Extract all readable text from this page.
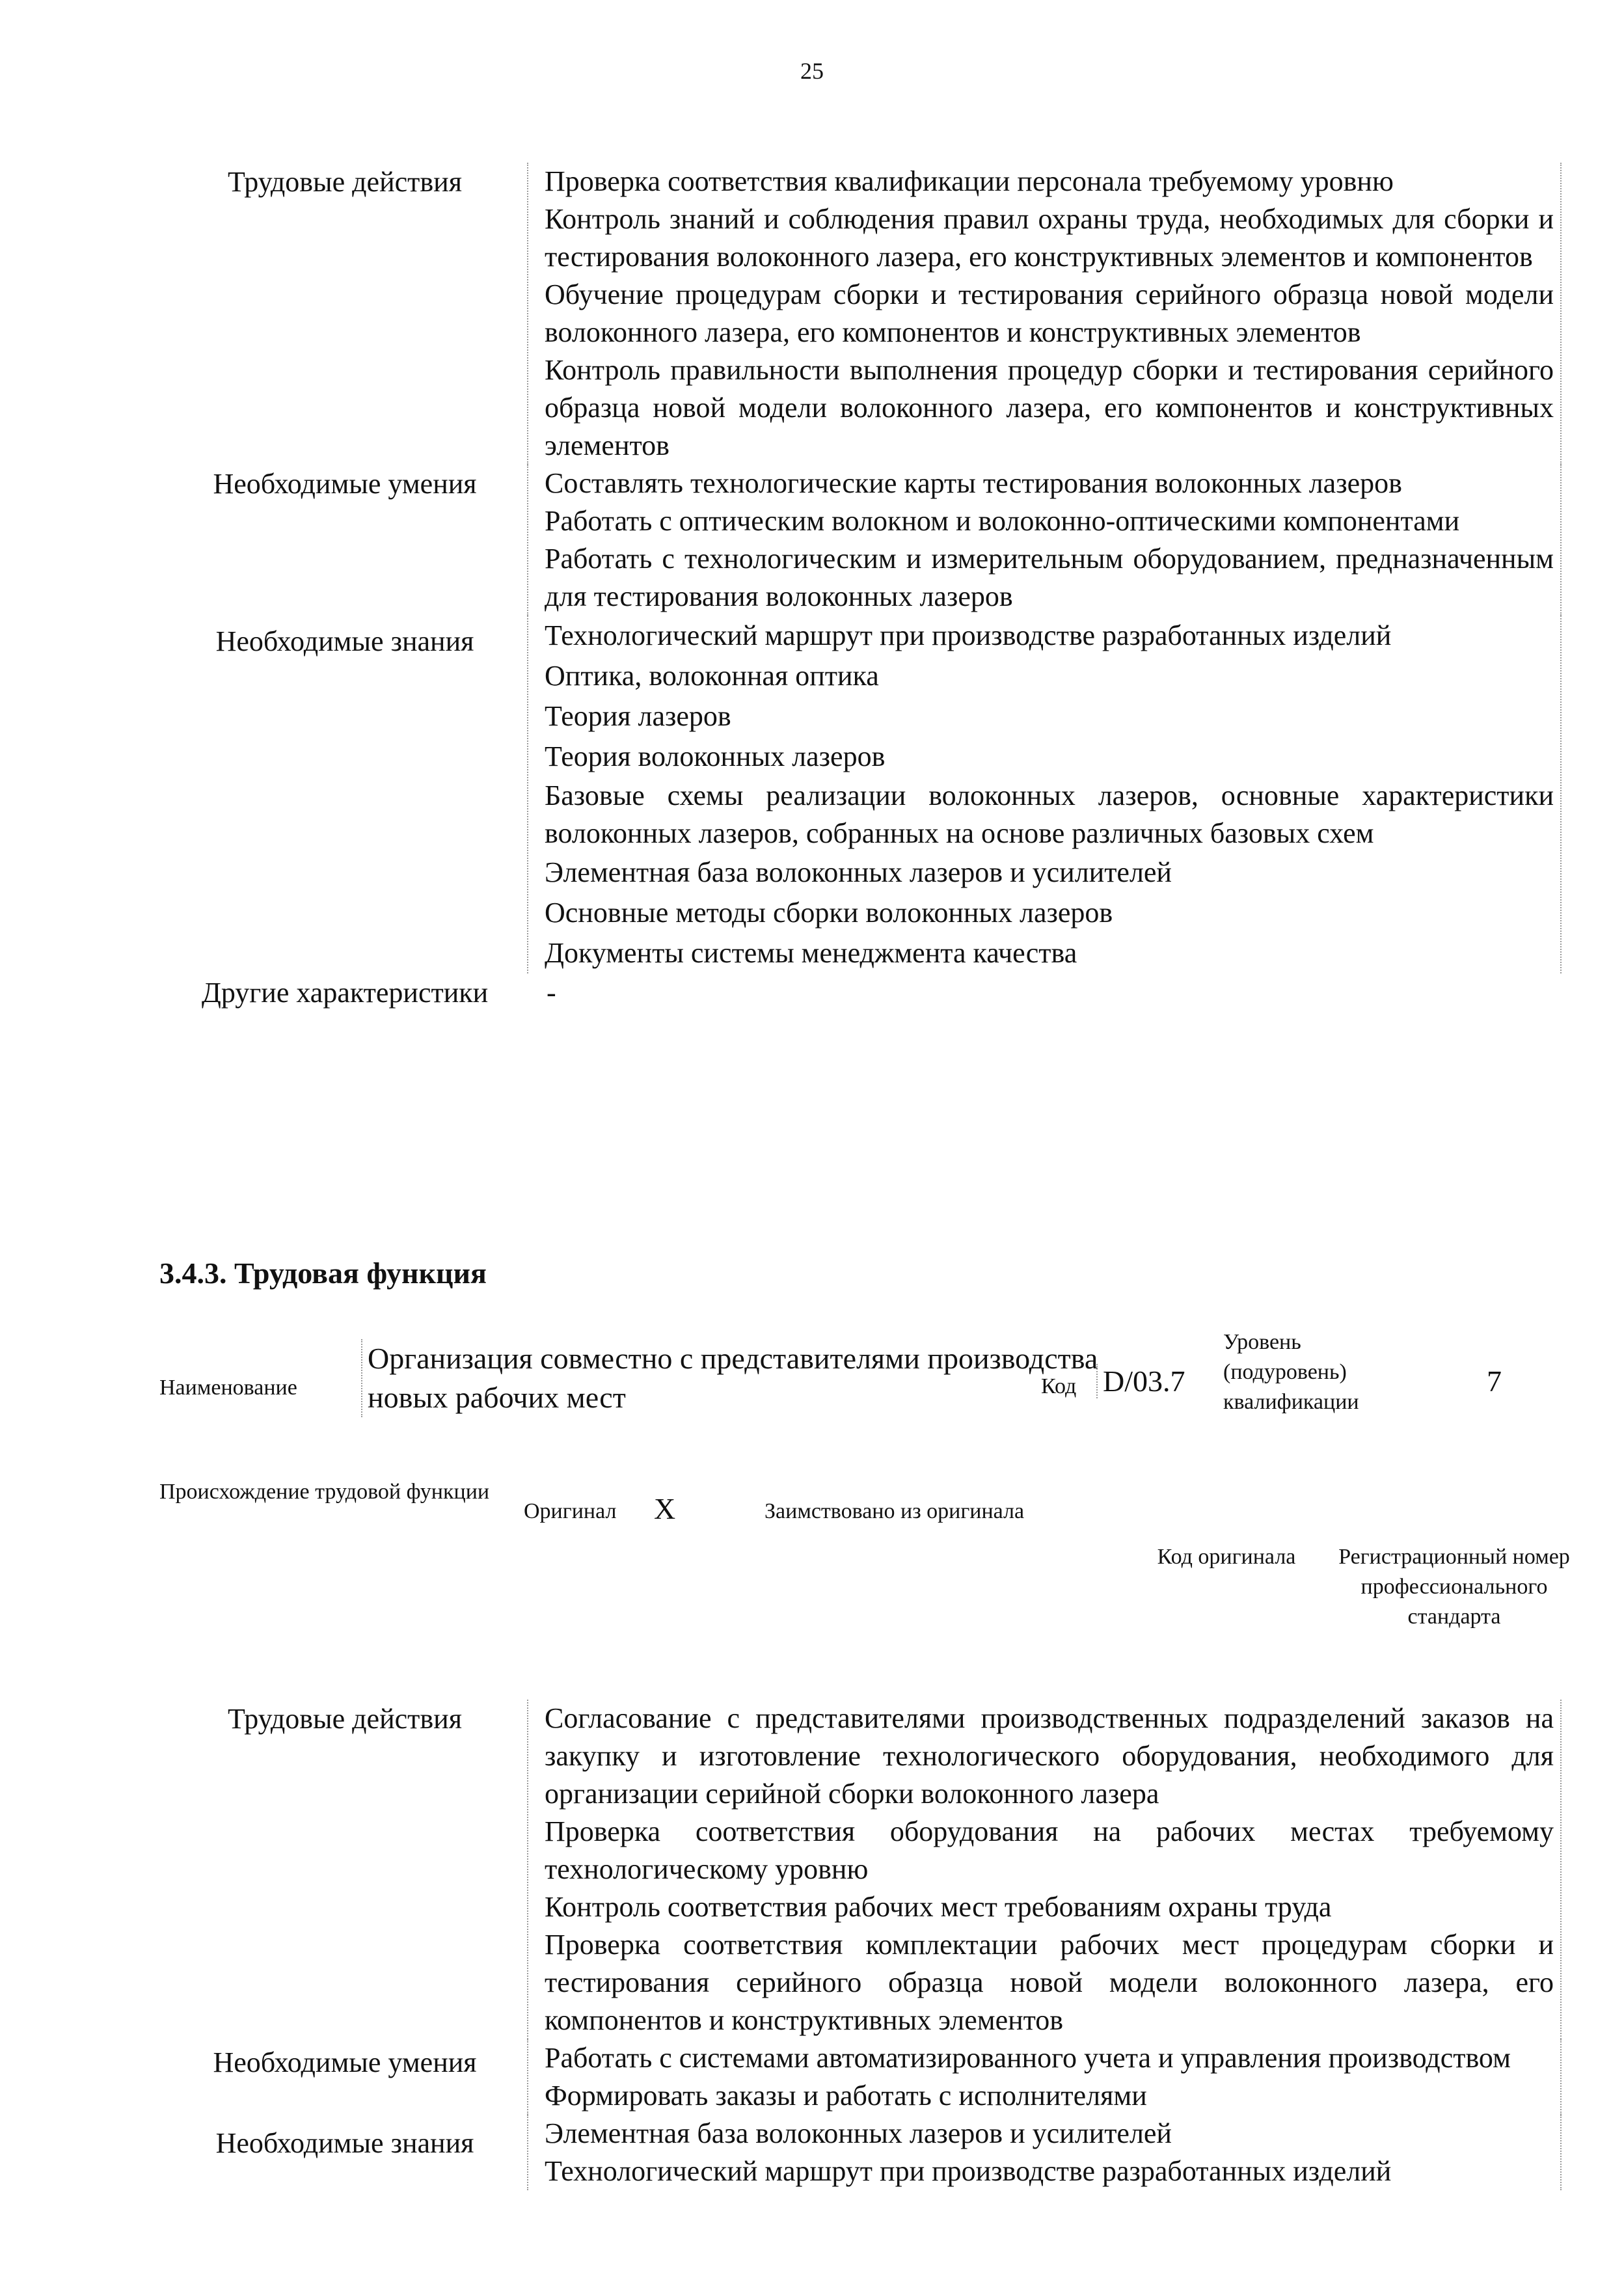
25
Трудовые действия	Проверка соответствия квалификации персонала требуемому уровню

Контроль знаний и соблюдения правил охраны труда, необходимых для сборки и тестирования волоконного лазера, его конструктивных элементов и компонентов

Обучение процедурам сборки и тестирования серийного образца новой модели волоконного лазера, его компонентов и конструктивных элементов

Контроль правильности выполнения процедур сборки и тестирования серийного образца новой модели волоконного лазера, его компонентов и конструктивных элементов

Необходимые умения	Составлять технологические карты тестирования волоконных лазеров

Работать с оптическим волокном и волоконно-оптическими компонентами

Работать с технологическим и измерительным оборудованием, предназначенным для тестирования волоконных лазеров

Необходимые знания	Технологический маршрут при производстве разработанных изделий

Оптика, волоконная оптика

Теория лазеров

Теория волоконных лазеров

Базовые схемы реализации волоконных лазеров, основные характеристики волоконных лазеров, собранных на основе различных базовых схем

Элементная база волоконных лазеров и усилителей

Основные методы сборки волоконных лазеров

Документы системы менеджмента качества

Другие характеристики	-
3.4.3. Трудовая функция
Наименование
Организация совместно с представителями производства новых рабочих мест	Код D/03.7
Уровень (подуровень) квалификации
7
Происхождение трудовой функции
Оригинал X	Заимствовано из оригинала
Код оригинала	Регистрационный номер профессионального стандарта
Трудовые действия	Согласование с представителями производственных подразделений заказов на закупку и изготовление технологического оборудования, необходимого для организации серийной сборки волоконного лазера

Проверка соответствия оборудования на рабочих местах требуемому технологическому уровню

Контроль соответствия рабочих мест требованиям охраны труда

Проверка соответствия комплектации рабочих мест процедурам сборки и тестирования серийного образца новой модели волоконного лазера, его компонентов и конструктивных элементов

Необходимые умения	Работать с системами автоматизированного учета и управления производством

Формировать заказы и работать с исполнителями

Необходимые знания	Элементная база волоконных лазеров и усилителей

Технологический маршрут при производстве разработанных изделий
